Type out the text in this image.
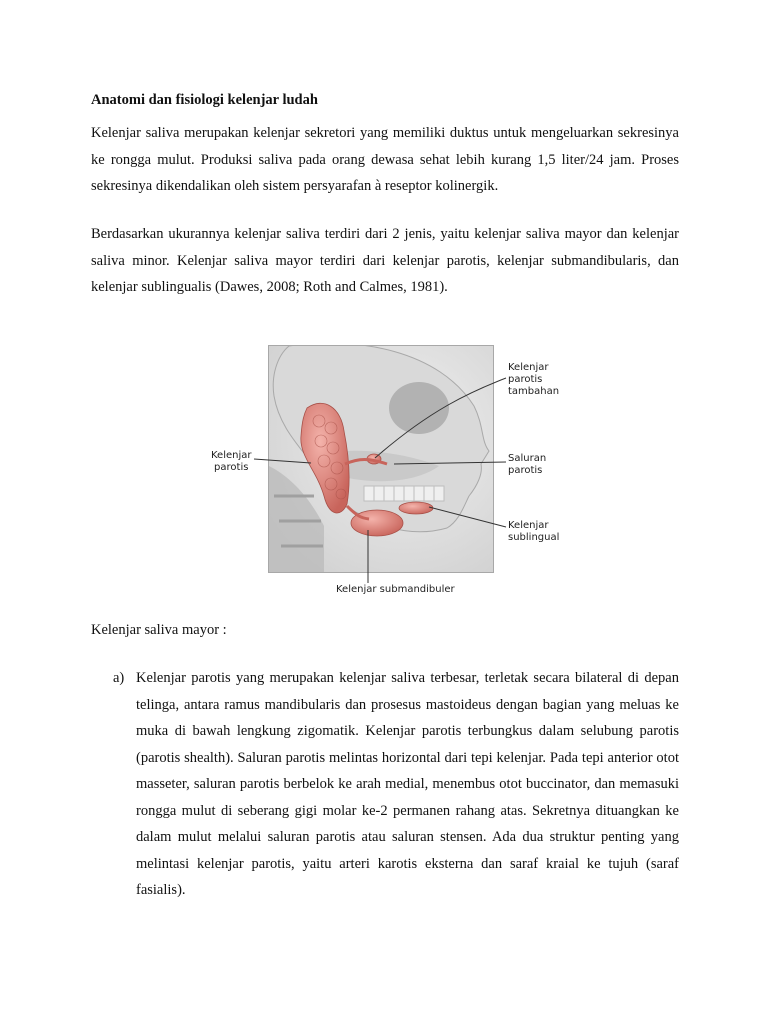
Anatomi dan fisiologi kelenjar ludah
Kelenjar saliva merupakan kelenjar sekretori yang memiliki duktus untuk mengeluarkan sekresinya ke rongga mulut. Produksi saliva pada orang dewasa sehat lebih kurang 1,5 liter/24 jam. Proses sekresinya dikendalikan oleh sistem persyarafan à reseptor kolinergik.
Berdasarkan ukurannya kelenjar saliva terdiri dari 2 jenis, yaitu kelenjar saliva mayor dan kelenjar saliva minor. Kelenjar saliva mayor terdiri dari kelenjar parotis, kelenjar submandibularis, dan kelenjar sublingualis (Dawes, 2008; Roth and Calmes, 1981).
Kelenjar
parotis
Kelenjar
parotis
tambahan
Saluran
parotis
Kelenjar
sublingual
Kelenjar submandibuler
Kelenjar saliva mayor :
a) Kelenjar parotis yang merupakan kelenjar saliva terbesar, terletak secara bilateral di depan telinga, antara ramus mandibularis dan prosesus mastoideus dengan bagian yang meluas ke muka di bawah lengkung zigomatik. Kelenjar parotis terbungkus dalam selubung parotis (parotis shealth). Saluran parotis melintas horizontal dari tepi kelenjar. Pada tepi anterior otot masseter, saluran parotis berbelok ke arah medial, menembus otot buccinator, dan memasuki rongga mulut di seberang gigi molar ke-2 permanen rahang atas. Sekretnya dituangkan ke dalam mulut melalui saluran parotis atau saluran stensen. Ada dua struktur penting yang melintasi kelenjar parotis, yaitu arteri karotis eksterna dan saraf kraial ke tujuh (saraf fasialis).
